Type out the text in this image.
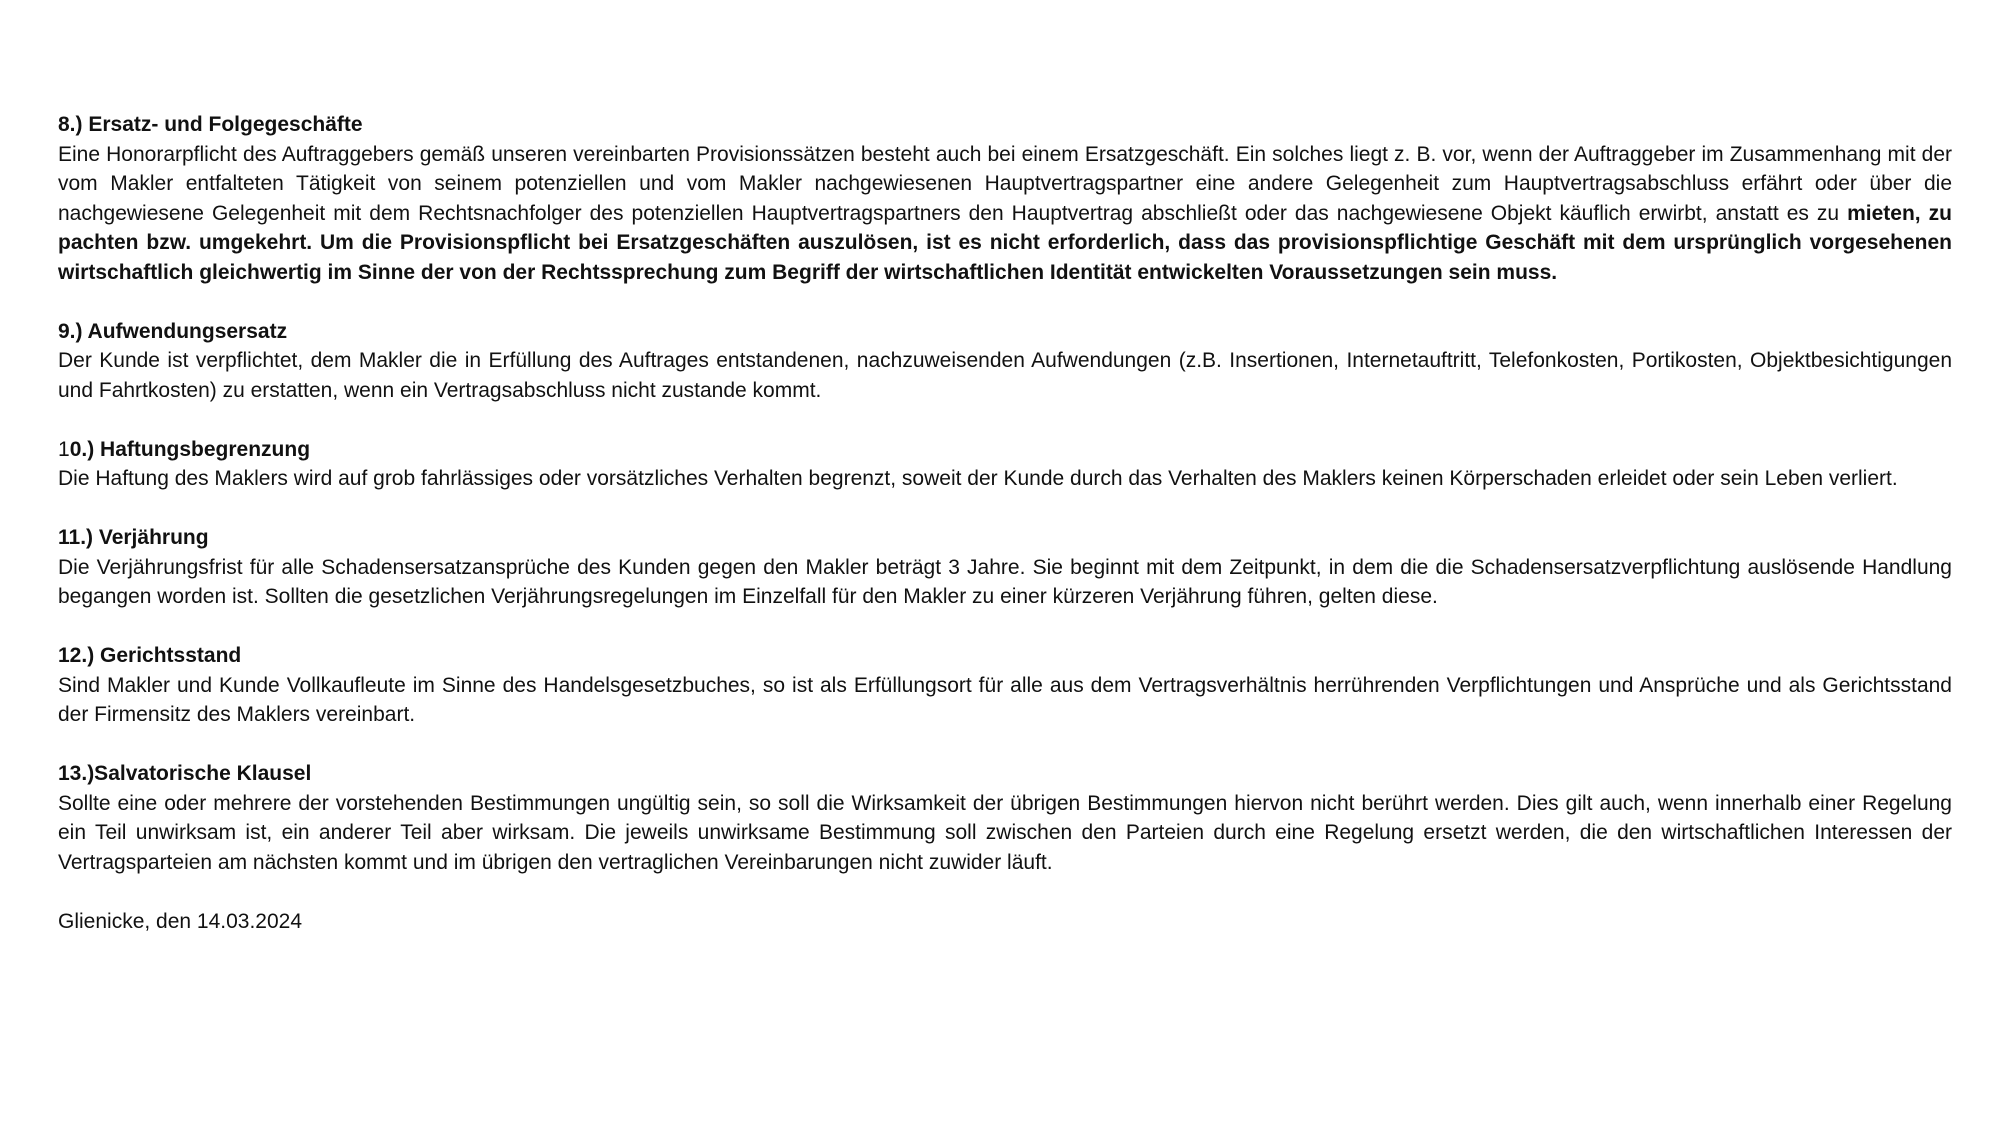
8.) Ersatz- und Folgegeschäfte
Eine Honorarpflicht des Auftraggebers gemäß unseren vereinbarten Provisionssätzen besteht auch bei einem Ersatzgeschäft. Ein solches liegt z. B. vor, wenn der Auftraggeber im Zusammenhang mit der vom Makler entfalteten Tätigkeit von seinem potenziellen und vom Makler nachgewiesenen Hauptvertragspartner eine andere Gelegenheit zum Hauptvertragsabschluss erfährt oder über die nachgewiesene Gelegenheit mit dem Rechtsnachfolger des potenziellen Hauptvertragspartners den Hauptvertrag abschließt oder das nachgewiesene Objekt käuflich erwirbt, anstatt es zu mieten, zu pachten bzw. umgekehrt. Um die Provisionspflicht bei Ersatzgeschäften auszulösen, ist es nicht erforderlich, dass das provisionspflichtige Geschäft mit dem ursprünglich vorgesehenen wirtschaftlich gleichwertig im Sinne der von der Rechtssprechung zum Begriff der wirtschaftlichen Identität entwickelten Voraussetzungen sein muss.
9.) Aufwendungsersatz
Der Kunde ist verpflichtet, dem Makler die in Erfüllung des Auftrages entstandenen, nachzuweisenden Aufwendungen (z.B. Insertionen, Internetauftritt, Telefonkosten, Portikosten, Objektbesichtigungen und Fahrtkosten) zu erstatten, wenn ein Vertragsabschluss nicht zustande kommt.
10.) Haftungsbegrenzung
Die Haftung des Maklers wird auf grob fahrlässiges oder vorsätzliches Verhalten begrenzt, soweit der Kunde durch das Verhalten des Maklers keinen Körperschaden erleidet oder sein Leben verliert.
11.) Verjährung
Die Verjährungsfrist für alle Schadensersatzansprüche des Kunden gegen den Makler beträgt 3 Jahre. Sie beginnt mit dem Zeitpunkt, in dem die die Schadensersatzverpflichtung auslösende Handlung begangen worden ist. Sollten die gesetzlichen Verjährungsregelungen im Einzelfall für den Makler zu einer kürzeren Verjährung führen, gelten diese.
12.) Gerichtsstand
Sind Makler und Kunde Vollkaufleute im Sinne des Handelsgesetzbuches, so ist als Erfüllungsort für alle aus dem Vertragsverhältnis herrührenden Verpflichtungen und Ansprüche und als Gerichtsstand der Firmensitz des Maklers vereinbart.
13.)Salvatorische Klausel
Sollte eine oder mehrere der vorstehenden Bestimmungen ungültig sein, so soll die Wirksamkeit der übrigen Bestimmungen hiervon nicht berührt werden. Dies gilt auch, wenn innerhalb einer Regelung ein Teil unwirksam ist, ein anderer Teil aber wirksam. Die jeweils unwirksame Bestimmung soll zwischen den Parteien durch eine Regelung ersetzt werden, die den wirtschaftlichen Interessen der Vertragsparteien am nächsten kommt und im übrigen den vertraglichen Vereinbarungen nicht zuwider läuft.
Glienicke, den 14.03.2024
